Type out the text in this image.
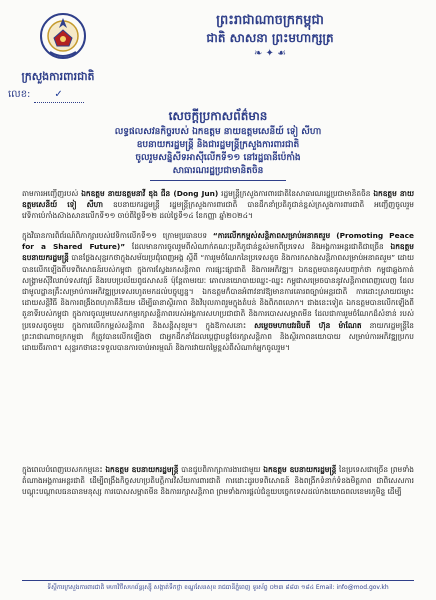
ព្រះរាជាណាចក្រកម្ពុជា
ជាតិ សាសនា ព្រះមហាក្សត្រ
❧ ✦ ☙
ក្រសួងការពារជាតិ
លេខ: ✓
សេចក្តីប្រកាសព័ត៌មាន
លទ្ធផលសវនកិច្ចរបស់ ឯកឧត្តម នាយឧត្តមសេនីយ៍ ទៀ សីហា
ឧបនាយករដ្ឋមន្ត្រី និងជារដ្ឋមន្ត្រីក្រសួងការពារជាតិ
ចូលរួមសន្និសីទអាស៊ីលើកទី១១ នៅរដ្ឋធានីប៉េកាំង
សាធារណរដ្ឋប្រជាមានិតចិន
តាមការអញ្ជើញរបស់ ឯកឧត្តម នាយឧត្តមនាវី ឌុង ជឹន (Dong Jun) រដ្ឋមន្ត្រីក្រសួងការពារជាតិនៃសាធារណរដ្ឋប្រជាមានិតចិន ឯកឧត្តម នាយឧត្តមសេនីយ៍ ទៀ សីហា ឧបនាយករដ្ឋមន្ត្រី រដ្ឋមន្ត្រីក្រសួងការពារជាតិ បានដឹកនាំប្រតិភូជាន់ខ្ពស់ក្រសួងការពារជាតិ អញ្ជើញចូលរួមវេទិកាប៉េកាំងស៊ាងសានលើកទី១១ ចាប់ពីថ្ងៃទី១២ ដល់ថ្ងៃទី១៤ ខែកញ្ញា ឆ្នាំ២០២៤។
ក្នុងវិធានការពិព័រណ៍ពិភាក្សារបស់វេទិកាលើកទី១១ ក្រោមប្រធានបទ “ការលើកកម្ពស់សន្តិភាពសម្រាប់អនាគតរួម (Promoting Peace for a Shared Future)” ដែលមានការចូលរួមពីសំណាក់គណៈប្រតិភូជាន់ខ្ពស់មកពីប្រទេស និងអង្គការអន្តរជាតិជាច្រើន ឯកឧត្តម ឧបនាយករដ្ឋមន្ត្រី បានថ្លែងសុន្ទរកថាក្នុងសម័យប្រជុំពេញអង្គ ស្តីពី “ការរួមចំណែកនៃប្រទេសតូច និងការកសាងសន្តិភាពសម្រាប់អនាគតរួម” ដោយបានលើកឡើងពីបទពិសោធន៍របស់កម្ពុជា ក្នុងការស្វែងរកសន្តិភាព ការផ្សះផ្សាជាតិ និងការអភិវឌ្ឍ។ ឯកឧត្តមបានគូសបញ្ជាក់ថា កម្ពុជាឆ្លងកាត់សង្គ្រាមស៊ីវិលរាប់ទសវត្សរ៍ និងរបបប្រល័យពូជសាសន៍ ប៉ុន្តែតាមរយៈ គោលនយោបាយឈ្នះ-ឈ្នះ កម្ពុជាសម្រេចបាននូវសន្តិភាពពេញលេញ ដែលជាមូលដ្ឋានគ្រឹះសម្រាប់ការអភិវឌ្ឍប្រទេសរហូតមកដល់បច្ចុប្បន្ន។ ឯកឧត្តមក៏បានអំពាវនាវឱ្យមានការគោរពច្បាប់អន្តរជាតិ ការដោះស្រាយជម្លោះដោយសន្តិវិធី និងការពង្រឹងពហុភាគីនិយម ដើម្បីធានាស្ថិរភាព និងវិបុលភាពរួមក្នុងតំបន់ និងពិភពលោក។ ជាងនេះទៀត ឯកឧត្តមបានលើកឡើងពីតួនាទីរបស់កម្ពុជា ក្នុងការចូលរួមបេសកកម្មរក្សាសន្តិភាពរបស់អង្គការសហប្រជាជាតិ និងការបោសសម្អាតមីន ដែលជាការរួមចំណែកដ៏សំខាន់ របស់ប្រទេសតូចមួយ ក្នុងការលើកកម្ពស់សន្តិភាព និងសន្តិសុខរួម។ ក្នុងឱកាសនោះ សម្ដេចមហាបវរធិបតី ហ៊ុន ម៉ាណែត នាយករដ្ឋមន្ត្រីនៃព្រះរាជាណាចក្រកម្ពុជា ក៏ត្រូវបានលើកឡើងថា ជាអ្នកដឹកនាំដែលប្តេជ្ញាបន្តថែរក្សាសន្តិភាព និងស្ថិរភាពនយោបាយ សម្រាប់ការអភិវឌ្ឍប្រកបដោយចីរភាព។ សុន្ទរកថានេះទទួលបានការចាប់អារម្មណ៍ និងការវាយតម្លៃខ្ពស់ពីសំណាក់អ្នកចូលរួម។
ក្នុងពេលបំពេញបេសកកម្មនេះ ឯកឧត្តម ឧបនាយករដ្ឋមន្ត្រី បានជួបពិភាក្សាការងារជាមួយ ឯកឧត្តម ឧបនាយករដ្ឋមន្ត្រី នៃប្រទេសជាច្រើន ព្រមទាំងតំណាងអង្គការអន្តរជាតិ ដើម្បីពង្រឹងកិច្ចសហប្រតិបត្តិការវិស័យការពារជាតិ ការដោះដូរបទពិសោធន៍ និងពង្រីកទំនាក់ទំនងមិត្តភាព ជាពិសេសការបណ្តុះបណ្តាលធនធានមនុស្ស ការបោសសម្អាតមីន និងការរក្សាសន្តិភាព ព្រមទាំងការផ្តល់ជំនួយបច្ចេកទេសដល់កងយោធពលខេមរភូមិន្ទ ដើម្បី
ទីស្តីការក្រសួងការពារជាតិ មហាវិថីសហព័ន្ធរុស្ស៊ី សង្កាត់ទឹកថ្លា ខណ្ឌសែនសុខ រាជធានីភ្នំពេញ ទូរស័ព្ទ ០២៣ ៨៨៣ ១៨៤ Email: info@mod.gov.kh
